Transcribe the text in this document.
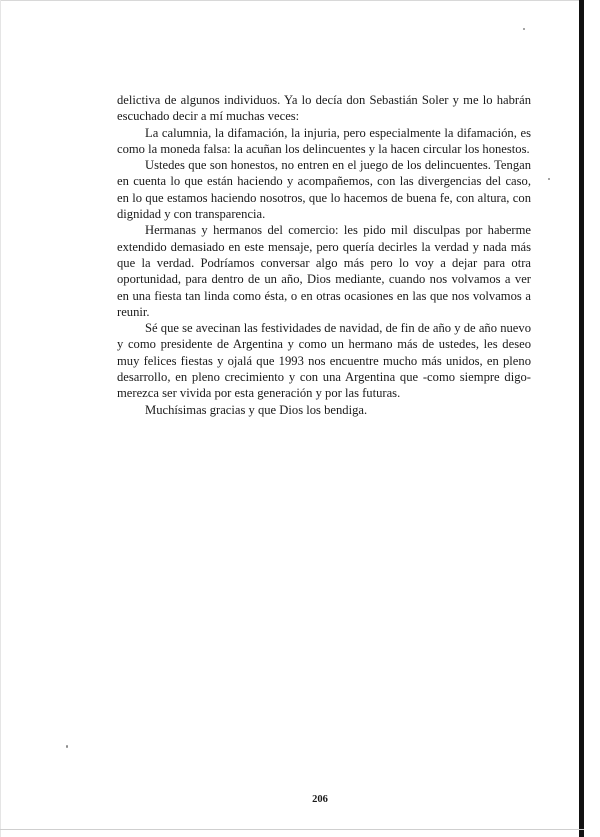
delictiva de algunos individuos. Ya lo decía don Sebastián Soler y me lo habrán escuchado decir a mí muchas veces:

La calumnia, la difamación, la injuria, pero especialmente la difamación, es como la moneda falsa: la acuñan los delincuentes y la hacen circular los honestos.

Ustedes que son honestos, no entren en el juego de los delincuentes. Tengan en cuenta lo que están haciendo y acompañemos, con las divergencias del caso, en lo que estamos haciendo nosotros, que lo hacemos de buena fe, con altura, con dignidad y con transparencia.

Hermanas y hermanos del comercio: les pido mil disculpas por haberme extendido demasiado en este mensaje, pero quería decirles la verdad y nada más que la verdad. Podríamos conversar algo más pero lo voy a dejar para otra oportunidad, para dentro de un año, Dios mediante, cuando nos volvamos a ver en una fiesta tan linda como ésta, o en otras ocasiones en las que nos volvamos a reunir.

Sé que se avecinan las festividades de navidad, de fin de año y de año nuevo y como presidente de Argentina y como un hermano más de ustedes, les deseo muy felices fiestas y ojalá que 1993 nos encuentre mucho más unidos, en pleno desarrollo, en pleno crecimiento y con una Argentina que -como siempre digo- merezca ser vivida por esta generación y por las futuras.

Muchísimas gracias y que Dios los bendiga.

206
